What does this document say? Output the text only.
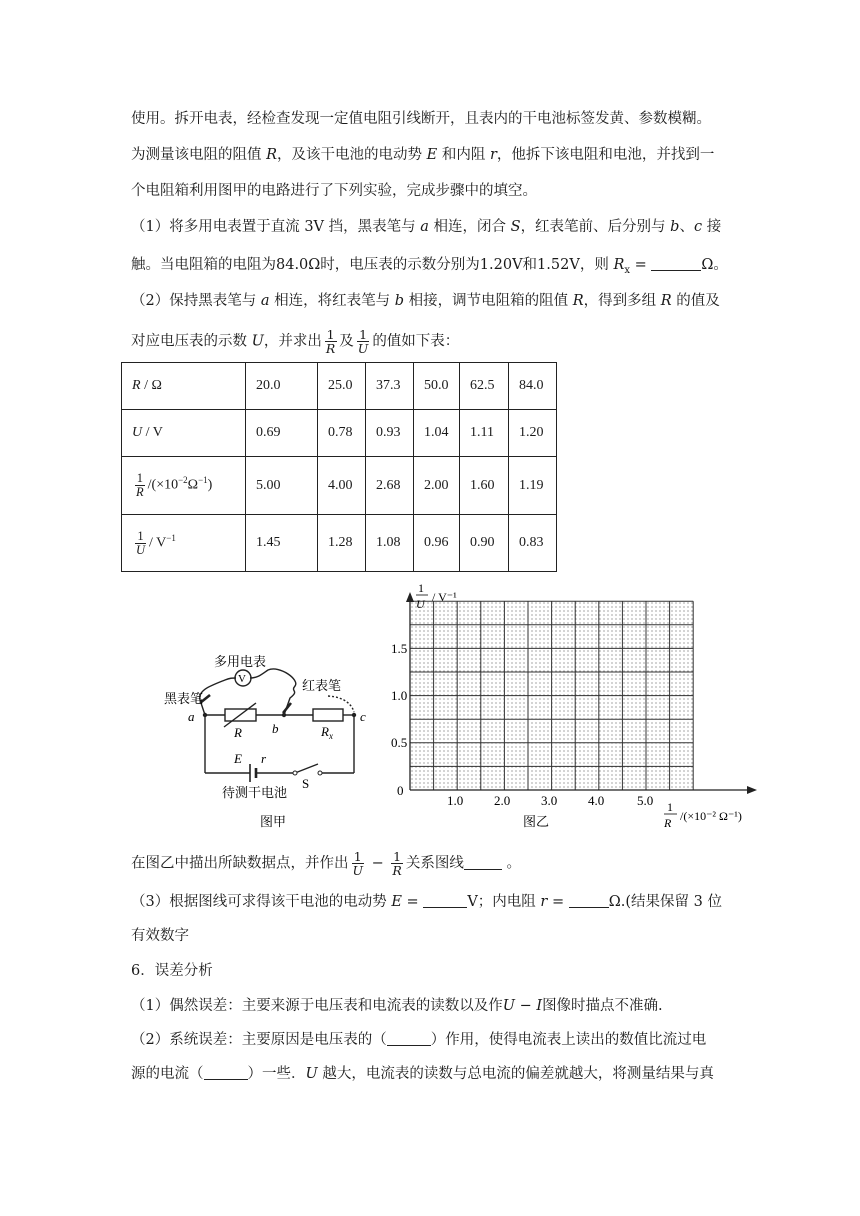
使用。拆开电表，经检查发现一定值电阻引线断开，且表内的干电池标签发黄、参数模糊。
为测量该电阻的阻值 R，及该干电池的电动势 E 和内阻 r，他拆下该电阻和电池，并找到一
个电阻箱利用图甲的电路进行了下列实验，完成步骤中的填空。
（1）将多用电表置于直流 3V 挡，黑表笔与 a 相连，闭合 S，红表笔前、后分别与 b、c 接
触。当电阻箱的电阻为84.0Ω时，电压表的示数分别为1.20V和1.52V，则 $R_x$ =	Ω。
（2）保持黑表笔与 a 相连，将红表笔与 b 相接，调节电阻箱的阻值 R，得到多组 R 的值及
对应电压表的示数 U，并求出 $\frac{1}{R}$ 及 $\frac{1}{U}$ 的值如下表：
R / Ω	20.0	25.0	37.3	50.0	62.5	84.0
U / V	0.69	0.78	0.93	1.04	1.11	1.20

$\frac{1}{R} /(\times 10^{-2}\Omega^{-1})$	5.00	4.00	2.68	2.00	1.60	1.19

$\frac{1}{U} / V^{-1}$	1.45	1.28	1.08	0.96	0.90	0.83
多用电表
V
黑表笔
红表笔
a
b
c
R	$R_x$
E r
S
待测干电池
图甲
1.5
1.0
0.5
0
1.0 2.0 3.0 4.0	5.0
1
U / V⁻¹
1
R /(×10⁻² Ω⁻¹)
图乙
在图乙中描出所缺数据点，并作出 $\frac{1}{U} - \frac{1}{R}$ 关系图线	。
（3）根据图线可求得该干电池的电动势 E =	V；内电阻 r =	Ω.(结果保留 3 位
有效数字
6．误差分析
（1）偶然误差：主要来源于电压表和电流表的读数以及作U − I图像时描点不准确.
（2）系统误差：主要原因是电压表的（	）作用，使得电流表上读出的数值比流过电
源的电流（	）一些．U 越大，电流表的读数与总电流的偏差就越大，将测量结果与真
